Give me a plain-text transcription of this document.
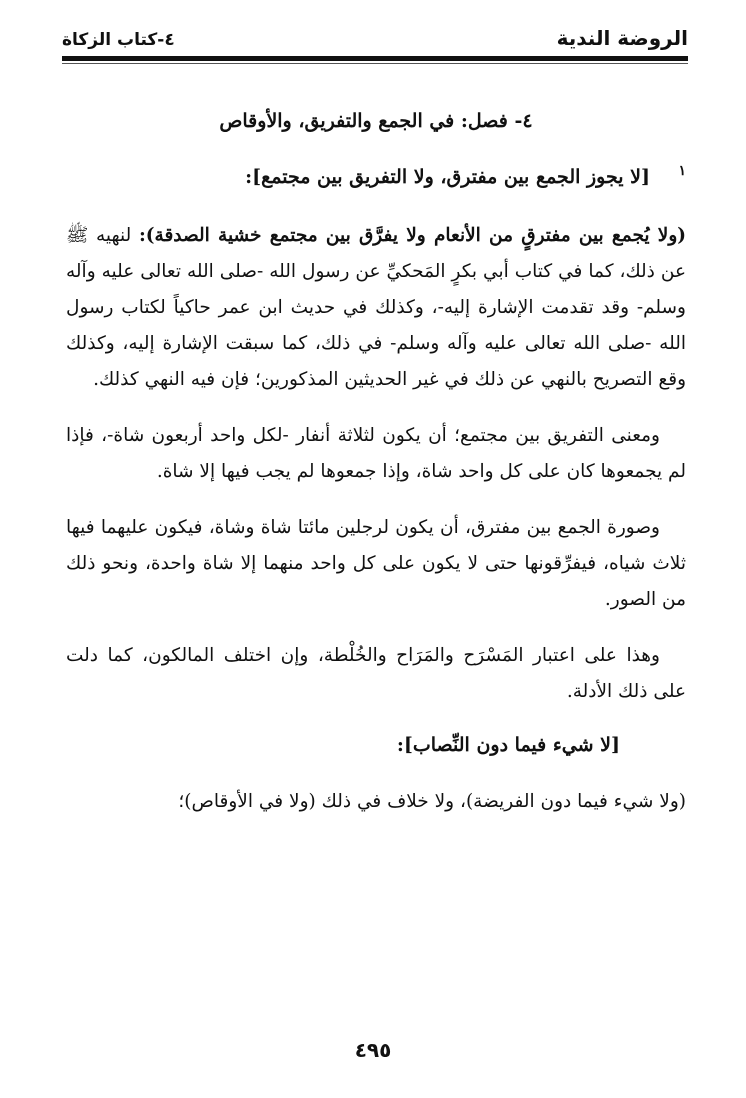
الروضة الندية
٤-كتاب الزكاة
٤- فصل: في الجمع والتفريق، والأوقاص
١
[لا يجوز الجمع بين مفترق، ولا التفريق بين مجتمع]:

(ولا يُجمع بين مفترقٍ من الأنعام ولا يفرَّق بين مجتمع خشية الصدقة): لنهيه ﷺ عن ذلك، كما في كتاب أبي بكرٍ المَحكيِّ عن رسول الله -صلى الله تعالى عليه وآله وسلم- وقد تقدمت الإشارة إليه-، وكذلك في حديث ابن عمر حاكياً لكتاب رسول الله -صلى الله تعالى عليه وآله وسلم- في ذلك، كما سبقت الإشارة إليه، وكذلك وقع التصريح بالنهي عن ذلك في غير الحديثين المذكورين؛ فإن فيه النهي كذلك.

ومعنى التفريق بين مجتمع؛ أن يكون لثلاثة أنفار -لكل واحد أربعون شاة-، فإذا لم يجمعوها كان على كل واحد شاة، وإذا جمعوها لم يجب فيها إلا شاة.

وصورة الجمع بين مفترق، أن يكون لرجلين مائتا شاة وشاة، فيكون عليهما فيها ثلاث شياه، فيفرِّقونها حتى لا يكون على كل واحد منهما إلا شاة واحدة، ونحو ذلك من الصور.

وهذا على اعتبار المَسْرَح والمَرَاح والخُلْطة، وإن اختلف المالكون، كما دلت على ذلك الأدلة.

[لا شيء فيما دون النِّصاب]:

(ولا شيء فيما دون الفريضة)، ولا خلاف في ذلك (ولا في الأوقاص)؛

٤٩٥
